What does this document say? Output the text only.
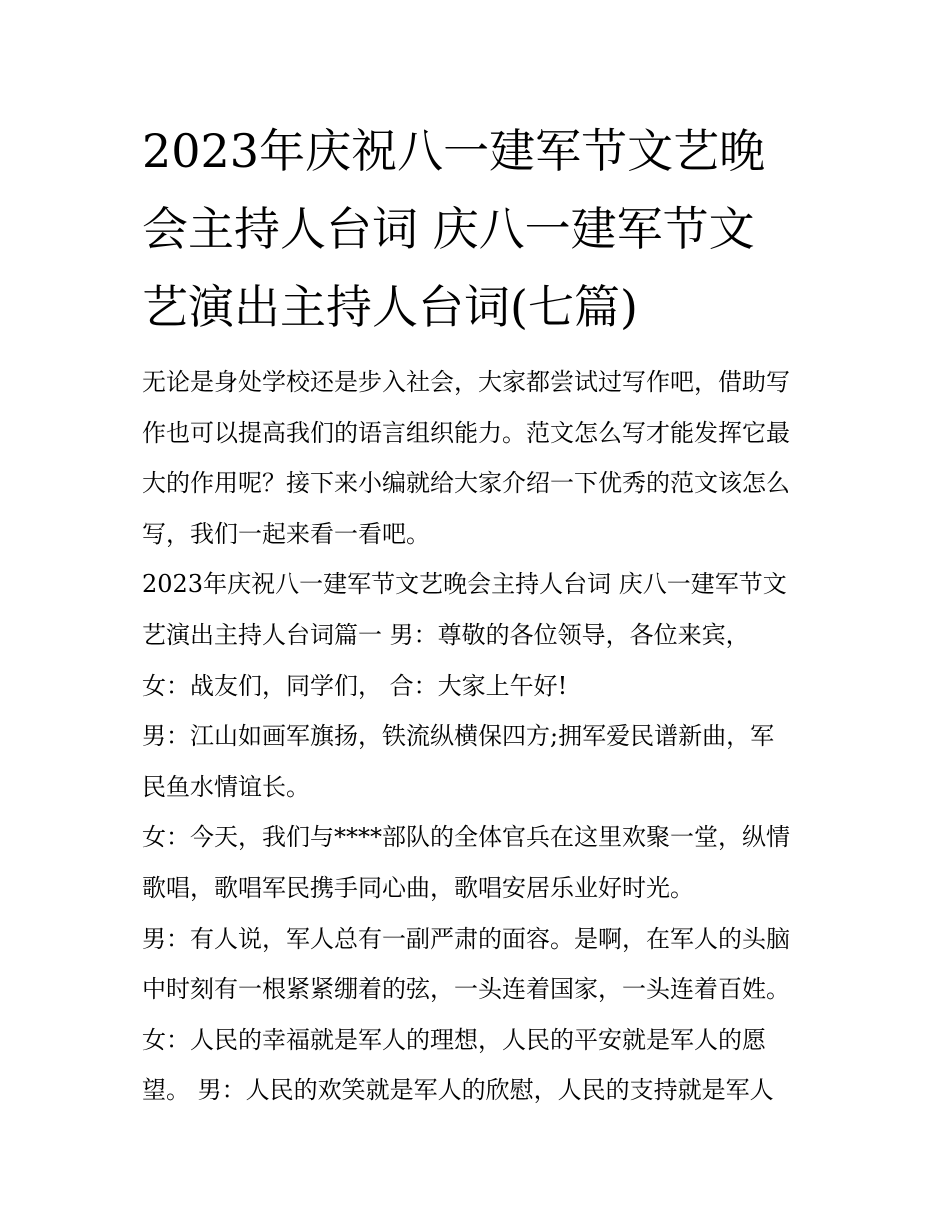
2023年庆祝八一建军节文艺晚
会主持人台词 庆八一建军节文
艺演出主持人台词(七篇)
无论是身处学校还是步入社会，大家都尝试过写作吧，借助写
作也可以提高我们的语言组织能力。范文怎么写才能发挥它最
大的作用呢？接下来小编就给大家介绍一下优秀的范文该怎么
写，我们一起来看一看吧。
2023年庆祝八一建军节文艺晚会主持人台词 庆八一建军节文
艺演出主持人台词篇一 男：尊敬的各位领导，各位来宾，
女：战友们，同学们， 合：大家上午好!
男：江山如画军旗扬，铁流纵横保四方;拥军爱民谱新曲，军
民鱼水情谊长。
女：今天，我们与****部队的全体官兵在这里欢聚一堂，纵情
歌唱，歌唱军民携手同心曲，歌唱安居乐业好时光。
男：有人说，军人总有一副严肃的面容。是啊，在军人的头脑
中时刻有一根紧紧绷着的弦，一头连着国家，一头连着百姓。
女：人民的幸福就是军人的理想，人民的平安就是军人的愿
望。 男：人民的欢笑就是军人的欣慰，人民的支持就是军人
